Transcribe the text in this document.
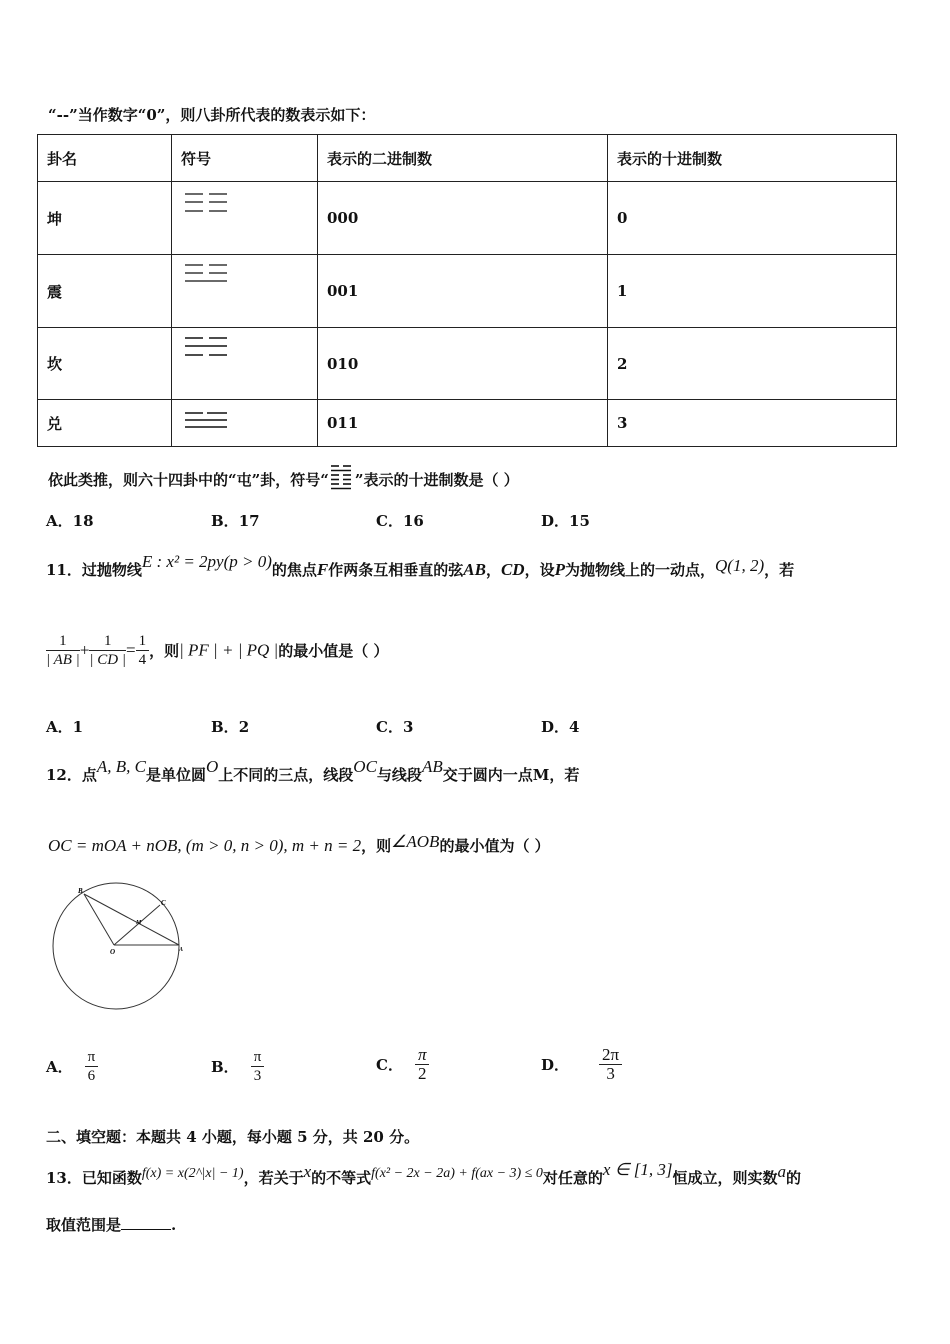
“--”当作数字“0”，则八卦所代表的数表示如下：
卦名	符号	表示的二进制数	表示的十进制数
坤		000	0
震		001	1
坎		010	2
兑		011	3
依此类推，则六十四卦中的“屯”卦，符号“ ”表示的十进制数是（ ）
A．18	B．17	C．16	D．15
11．过抛物线E : x² = 2py(p > 0)的焦点F作两条互相垂直的弦AB，CD，设P为抛物线上的一动点，Q(1, 2)，若
$\frac{1}{| AB |} + \frac{1}{| CD |} = \frac{1}{4}$ ，则| PF | + | PQ |的最小值是（ ）
A．1	B．2	C．3	D．4
12．点A, B, C是单位圆O上不同的三点，线段OC与线段AB交于圆内一点M，若
OC = mOA + nOB, (m > 0, n > 0), m + n = 2，则∠AOB的最小值为（ ）
B
C
M
O	A
A． $\frac{\pi}{6}$	B． $\frac{\pi}{3}$	C． $\frac{\pi}{2}$	D． $\frac{2\pi}{3}$
二、填空题：本题共 4 小题，每小题 5 分，共 20 分。
13．已知函数f(x) = x(2^|x| − 1)，若关于x的不等式f(x² − 2x − 2a) + f(ax − 3) ≤ 0对任意的x ∈ [1, 3]恒成立，则实数a的
取值范围是	.
